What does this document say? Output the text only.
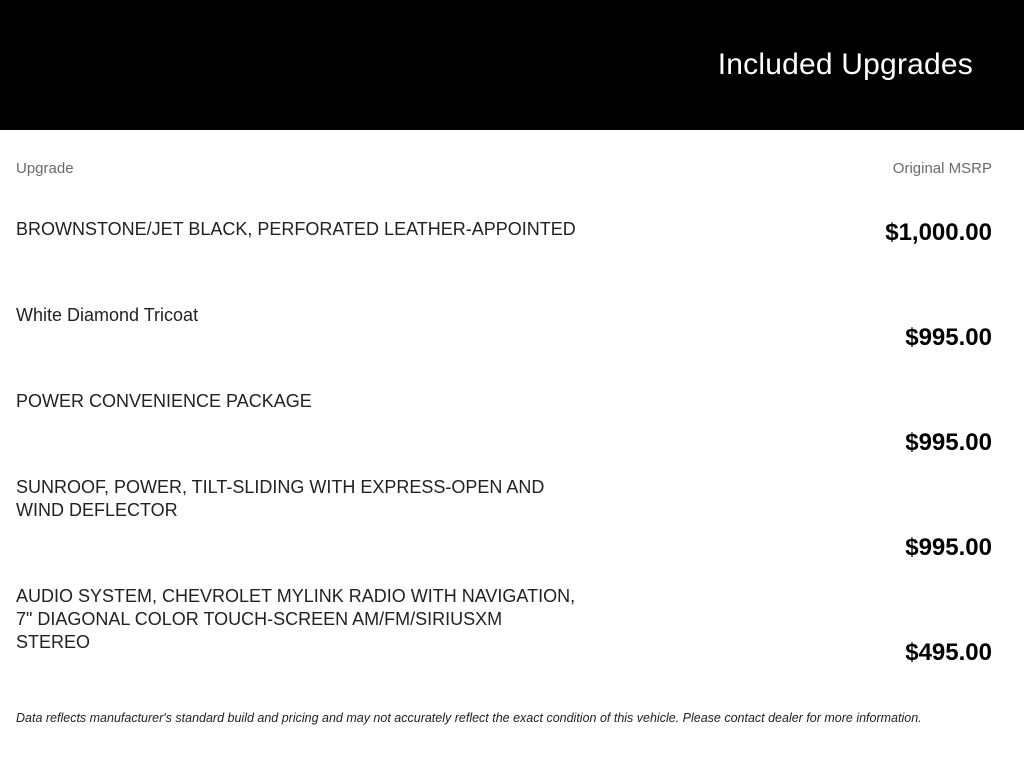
Included Upgrades
Upgrade	Original MSRP
BROWNSTONE/JET BLACK, PERFORATED LEATHER-APPOINTED
White Diamond Tricoat
POWER CONVENIENCE PACKAGE
SUNROOF, POWER, TILT-SLIDING WITH EXPRESS-OPEN AND WIND DEFLECTOR
AUDIO SYSTEM, CHEVROLET MYLINK RADIO WITH NAVIGATION, 7" DIAGONAL COLOR TOUCH-SCREEN AM/FM/SIRIUSXM STEREO
$1,000.00
$995.00
$995.00
$995.00
$495.00
Data reflects manufacturer's standard build and pricing and may not accurately reflect the exact condition of this vehicle. Please contact dealer for more information.
